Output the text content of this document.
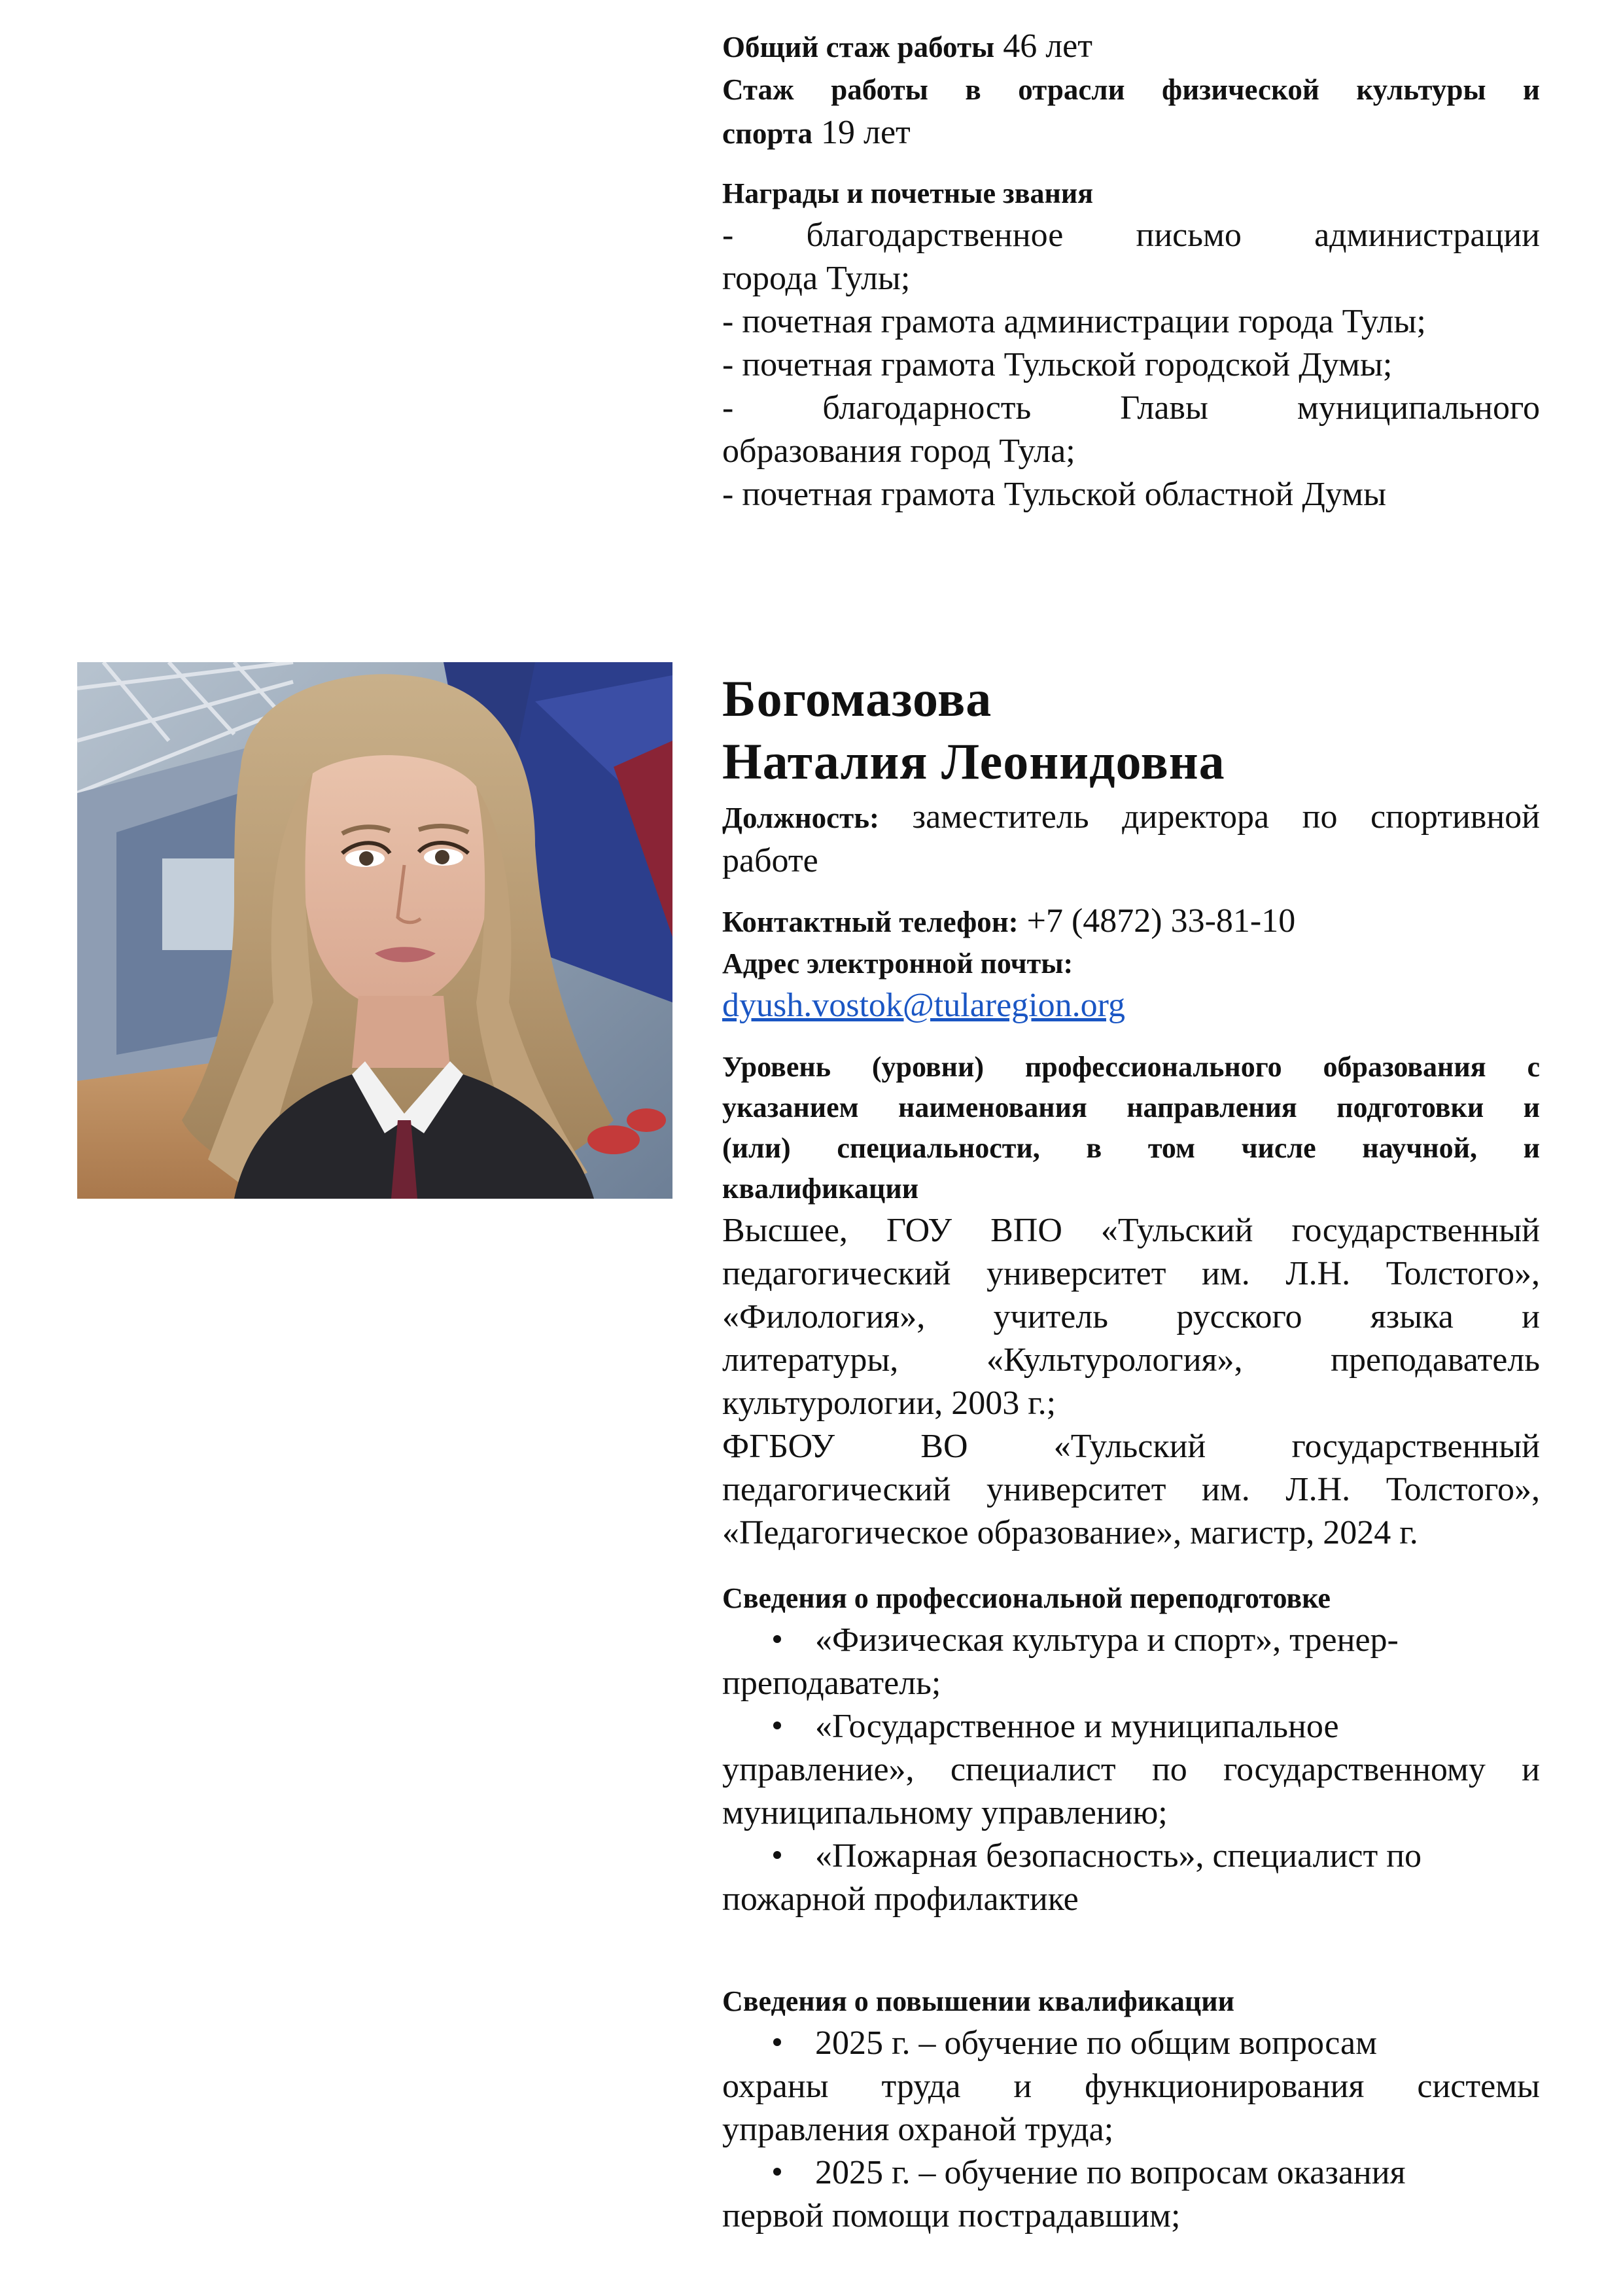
Общий стаж работы 46 лет

Стаж работы в отрасли физической культуры и

спорта 19 лет

Награды и почетные звания

- благодарственное письмо администрации

города Тулы;

- почетная грамота администрации города Тулы;

- почетная грамота Тульской городской Думы;

- благодарность Главы муниципального

образования город Тула;

- почетная грамота Тульской областной Думы

Богомазова

Наталия Леонидовна

Должность: заместитель директора по спортивной

работе

Контактный телефон: +7 (4872) 33-81-10

Адрес электронной почты:

dyush.vostok@tularegion.org

Уровень (уровни) профессионального образования с

указанием наименования направления подготовки и

(или) специальности, в том числе научной, и

квалификации

Высшее, ГОУ ВПО «Тульский государственный

педагогический университет им. Л.Н. Толстого»,

«Филология», учитель русского языка и

литературы, «Культурология», преподаватель

культурологии, 2003 г.;

ФГБОУ ВО «Тульский государственный

педагогический университет им. Л.Н. Толстого»,

«Педагогическое образование», магистр, 2024 г.

Сведения о профессиональной переподготовке

«Физическая культура и спорт», тренер-

преподаватель;

«Государственное и муниципальное

управление», специалист по государственному и

муниципальному управлению;

«Пожарная безопасность», специалист по

пожарной профилактике

Сведения о повышении квалификации

2025 г. – обучение по общим вопросам

охраны труда и функционирования системы

управления охраной труда;

2025 г. – обучение по вопросам оказания

первой помощи пострадавшим;
